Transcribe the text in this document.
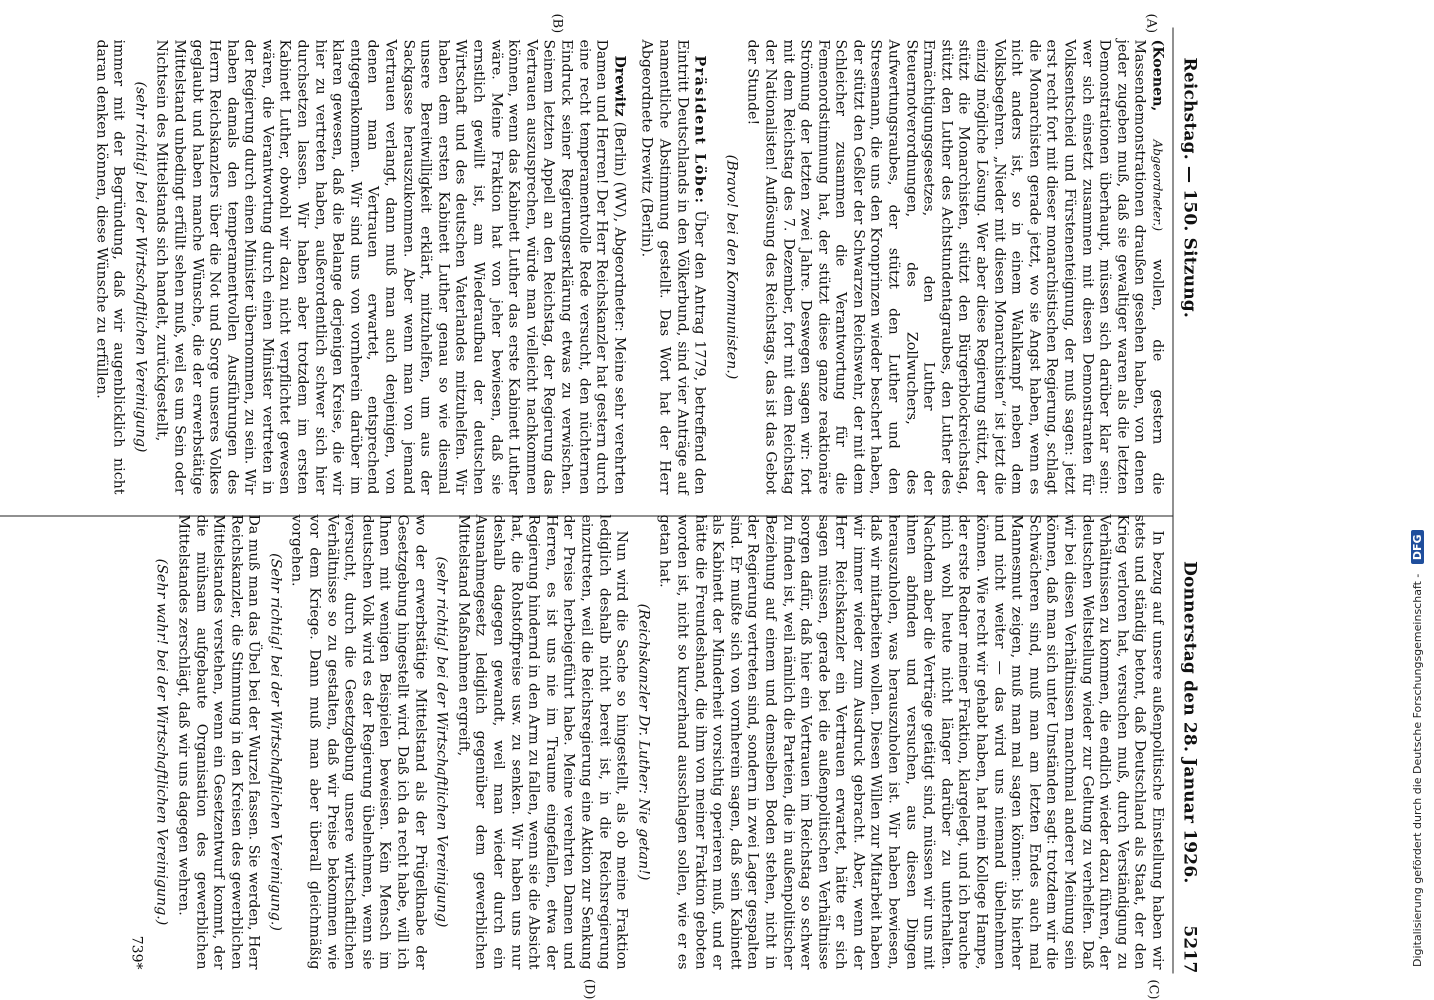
Reichstag. — 150. Sitzung.
Donnerstag den 28. Januar 1926.
5217
(A)
(B)

(Koenen, Abgeordneter.) wollen, die gestern die Massendemonstrationen draußen gesehen haben, von denen jeder zugeben muß, daß sie gewaltiger waren als die letzten Demonstrationen überhaupt, müssen sich darüber klar sein: wer sich einsetzt zusammen mit diesen Demonstranten für Volksentscheid und Fürstenenteignung, der muß sagen: jetzt erst recht fort mit dieser monarchistischen Regierung, schlagt die Monarchisten gerade jetzt, wo sie Angst haben, wenn es nicht anders ist, so in einem Wahlkampf neben dem Volksbegehren. „Nieder mit diesen Monarchisten“ ist jetzt die einzig mögliche Lösung. Wer aber diese Regierung stützt, der stützt die Monarchisten, stützt den Bürgerblockreichstag, stützt den Luther des Achtstundentagraubes, den Luther des Ermächtigungsgesetzes, den Luther der Steuernotverordnungen, des Zollwuchers, des Aufwertungsraubes, der stützt den Luther und den Stresemann, die uns den Kronprinzen wieder beschert haben, der stützt den Geßler der Schwarzen Reichswehr, der mit dem Schleicher zusammen die Verantwortung für die Femenordstimmung hat, der stützt diese ganze reaktionäre Strömung der letzten zwei Jahre. Deswegen sagen wir: fort mit dem Reichstag des 7. Dezember, fort mit dem Reichstag der Nationalisten! Auflösung des Reichstags, das ist das Gebot der Stunde!

(Bravo! bei den Kommunisten.)

Präsident Löbe: Über den Antrag 1779, betreffend den Eintritt Deutschlands in den Völkerbund, sind vier Anträge auf namentliche Abstimmung gestellt. Das Wort hat der Herr Abgeordnete Drewitz (Berlin).

Drewitz (Berlin) (WV), Abgeordneter: Meine sehr verehrten Damen und Herren! Der Herr Reichskanzler hat gestern durch eine recht temperamentvolle Rede versucht, den nüchternen Eindruck seiner Regierungserklärung etwas zu verwischen. Seinem letzten Appell an den Reichstag, der Regierung das Vertrauen auszusprechen, würde man vielleicht nachkommen können, wenn das Kabinett Luther das erste Kabinett Luther wäre. Meine Fraktion hat von jeher bewiesen, daß sie ernstlich gewillt ist, am Wiederaufbau der deutschen Wirtschaft und des deutschen Vaterlandes mitzuhelfen. Wir haben dem ersten Kabinett Luther genau so wie diesmal unsere Bereitwilligkeit erklärt, mitzuhelfen, um aus der Sackgasse herauszukommen. Aber wenn man von jemand Vertrauen verlangt, dann muß man auch denjenigen, von denen man Vertrauen erwartet, entsprechend entgegenkommen. Wir sind uns von vornherein darüber im klaren gewesen, daß die Belange derjenigen Kreise, die wir hier zu vertreten haben, außerordentlich schwer sich hier durchsetzen lassen. Wir haben aber trotzdem im ersten Kabinett Luther, obwohl wir dazu nicht verpflichtet gewesen wären, die Verantwortung durch einen Minister vertreten in der Regierung durch einen Minister übernommen, zu sein. Wir haben damals den temperamentvollen Ausführungen des Herrn Reichskanzlers über die Not und Sorge unseres Volkes geglaubt und haben manche Wünsche, die der erwerbstätige Mittelstand unbedingt erfüllt sehen muß, weil es um Sein oder Nichtsein des Mittelstands sich handelt, zurückgestellt,

(sehr richtig! bei der Wirtschaftlichen Vereinigung)

immer mit der Begründung, daß wir augenblicklich nicht daran denken können, diese Wünsche zu erfüllen.

(C)
(D)

In bezug auf unsere außenpolitische Einstellung haben wir stets und ständig betont, daß Deutschland als Staat, der den Krieg verloren hat, versuchen muß, durch Verständigung zu Verhältnissen zu kommen, die endlich wieder dazu führen, der deutschen Weltstellung wieder zur Geltung zu verhelfen. Daß wir bei diesen Verhältnissen manchmal anderer Meinung sein können, daß man sich unter Umständen sagt: trotzdem wir die Schwächeren sind, muß man am letzten Endes auch mal Mannesmut zeigen, muß man mal sagen können: bis hierher und nicht weiter — das wird uns niemand übelnehmen können. Wie recht wir gehabt haben, hat mein Kollege Hampe, der erste Redner meiner Fraktion, klargelegt, und ich brauche mich wohl heute nicht länger darüber zu unterhalten. Nachdem aber die Verträge getätigt sind, müssen wir uns mit ihnen abfinden und versuchen, aus diesen Dingen herauszuholen, was herauszuholen ist. Wir haben bewiesen, daß wir mitarbeiten wollen. Diesen Willen zur Mitarbeit haben wir immer wieder zum Ausdruck gebracht. Aber, wenn der Herr Reichskanzler ein Vertrauen erwartet, hätte er sich sagen müssen, gerade bei die außenpolitischen Verhältnisse sorgen dafür, daß hier ein Vertrauen im Reichstag so schwer zu finden ist, weil nämlich die Parteien, die in außenpolitischer Beziehung auf einem und demselben Boden stehen, nicht in der Regierung vertreten sind, sondern in zwei Lager gespalten sind. Er mußte sich von vornherein sagen, daß sein Kabinett als Kabinett der Minderheit vorsichtig operieren muß, und er hätte die Freundeshand, die ihm von meiner Fraktion geboten worden ist, nicht so kurzerhand ausschlagen sollen, wie er es getan hat.

(Reichskanzler Dr. Luther: Nie getan!)

Nun wird die Sache so hingestellt, als ob meine Fraktion lediglich deshalb nicht bereit ist, in die Reichsregierung einzutreten, weil die Reichsregierung eine Aktion zur Senkung der Preise herbeigeführt habe. Meine verehrten Damen und Herren, es ist uns nie im Traume eingefallen, etwa der Regierung hindernd in den Arm zu fallen, wenn sie die Absicht hat, die Rohstoffpreise usw. zu senken. Wir haben uns nur deshalb dagegen gewandt, weil man wieder durch ein Ausnahmegesetz lediglich gegenüber dem gewerblichen Mittelstand Maßnahmen ergreift,

(sehr richtig! bei der Wirtschaftlichen Vereinigung)

wo der erwerbstätige Mittelstand als der Prügelknabe der Gesetzgebung hingestellt wird. Daß ich da recht habe, will ich Ihnen mit wenigen Beispielen beweisen. Kein Mensch im deutschen Volk wird es der Regierung übelnehmen, wenn sie versucht, durch die Gesetzgebung unsere wirtschaftlichen Verhältnisse so zu gestalten, daß wir Preise bekommen wie vor dem Kriege. Dann muß man aber überall gleichmäßig vorgehen.

(Sehr richtig! bei der Wirtschaftlichen Vereinigung.)

Da muß man das Übel bei der Wurzel fassen. Sie werden, Herr Reichskanzler, die Stimmung in den Kreisen des gewerblichen Mittelstandes verstehen, wenn ein Gesetzentwurf kommt, der die mühsam aufgebaute Organisation des gewerblichen Mittelstandes zerschlägt, daß wir uns dagegen wehren.

(Sehr wahr! bei der Wirtschaftlichen Vereinigung.)

739*	Digitalisierung gefördert durch die Deutsche Forschungsgemeinschaft - DFG
